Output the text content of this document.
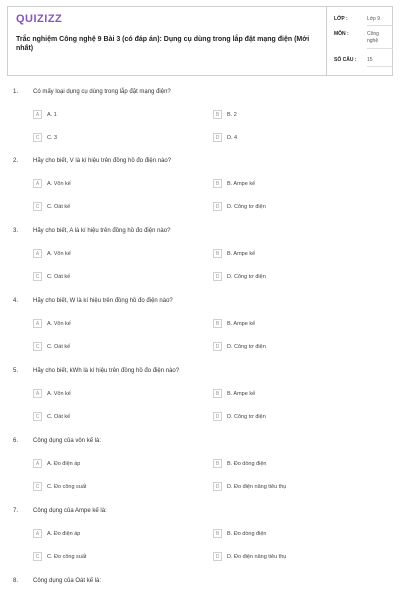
QUIZIZZ
Trắc nghiệm Công nghệ 9 Bài 3 (có đáp án): Dụng cụ dùng trong lắp đặt mạng điện (Mới nhất)
LỚP :	Lớp 9
MÔN :	Công nghệ
SỐ CÂU :	15
1. Có mấy loại dụng cụ dùng trong lắp đặt mạng điện?
A	A. 1	B	B. 2
C	C. 3	D	D. 4
2. Hãy cho biết, V là kí hiệu trên đồng hồ đo điện nào?
A	A. Vôn kế	B	B. Ampe kế
C	C. Oát kế	D	D. Công tơ điện
3. Hãy cho biết, A là kí hiệu trên đồng hồ đo điện nào?
A	A. Vôn kế	B	B. Ampe kế
C	C. Oát kế	D	D. Công tơ điện
4. Hãy cho biết, W là kí hiệu trên đồng hồ đo điện nào?
A	A. Vôn kế	B	B. Ampe kế
C	C. Oát kế	D	D. Công tơ điện
5. Hãy cho biết, kWh là kí hiệu trên đồng hồ đo điện nào?
A	A. Vôn kế	B	B. Ampe kế
C	C. Oát kế	D	D. Công tơ điện
6. Công dụng của vôn kế là:
A	A. Đo điện áp	B	B. Đo dòng điện
C	C. Đo công suất	D	D. Đo điện năng tiêu thụ
7. Công dụng của Ampe kế là:
A	A. Đo điện áp	B	B. Đo dòng điện
C	C. Đo công suất	D	D. Đo điện năng tiêu thụ
8. Công dụng của Oát kế là:
